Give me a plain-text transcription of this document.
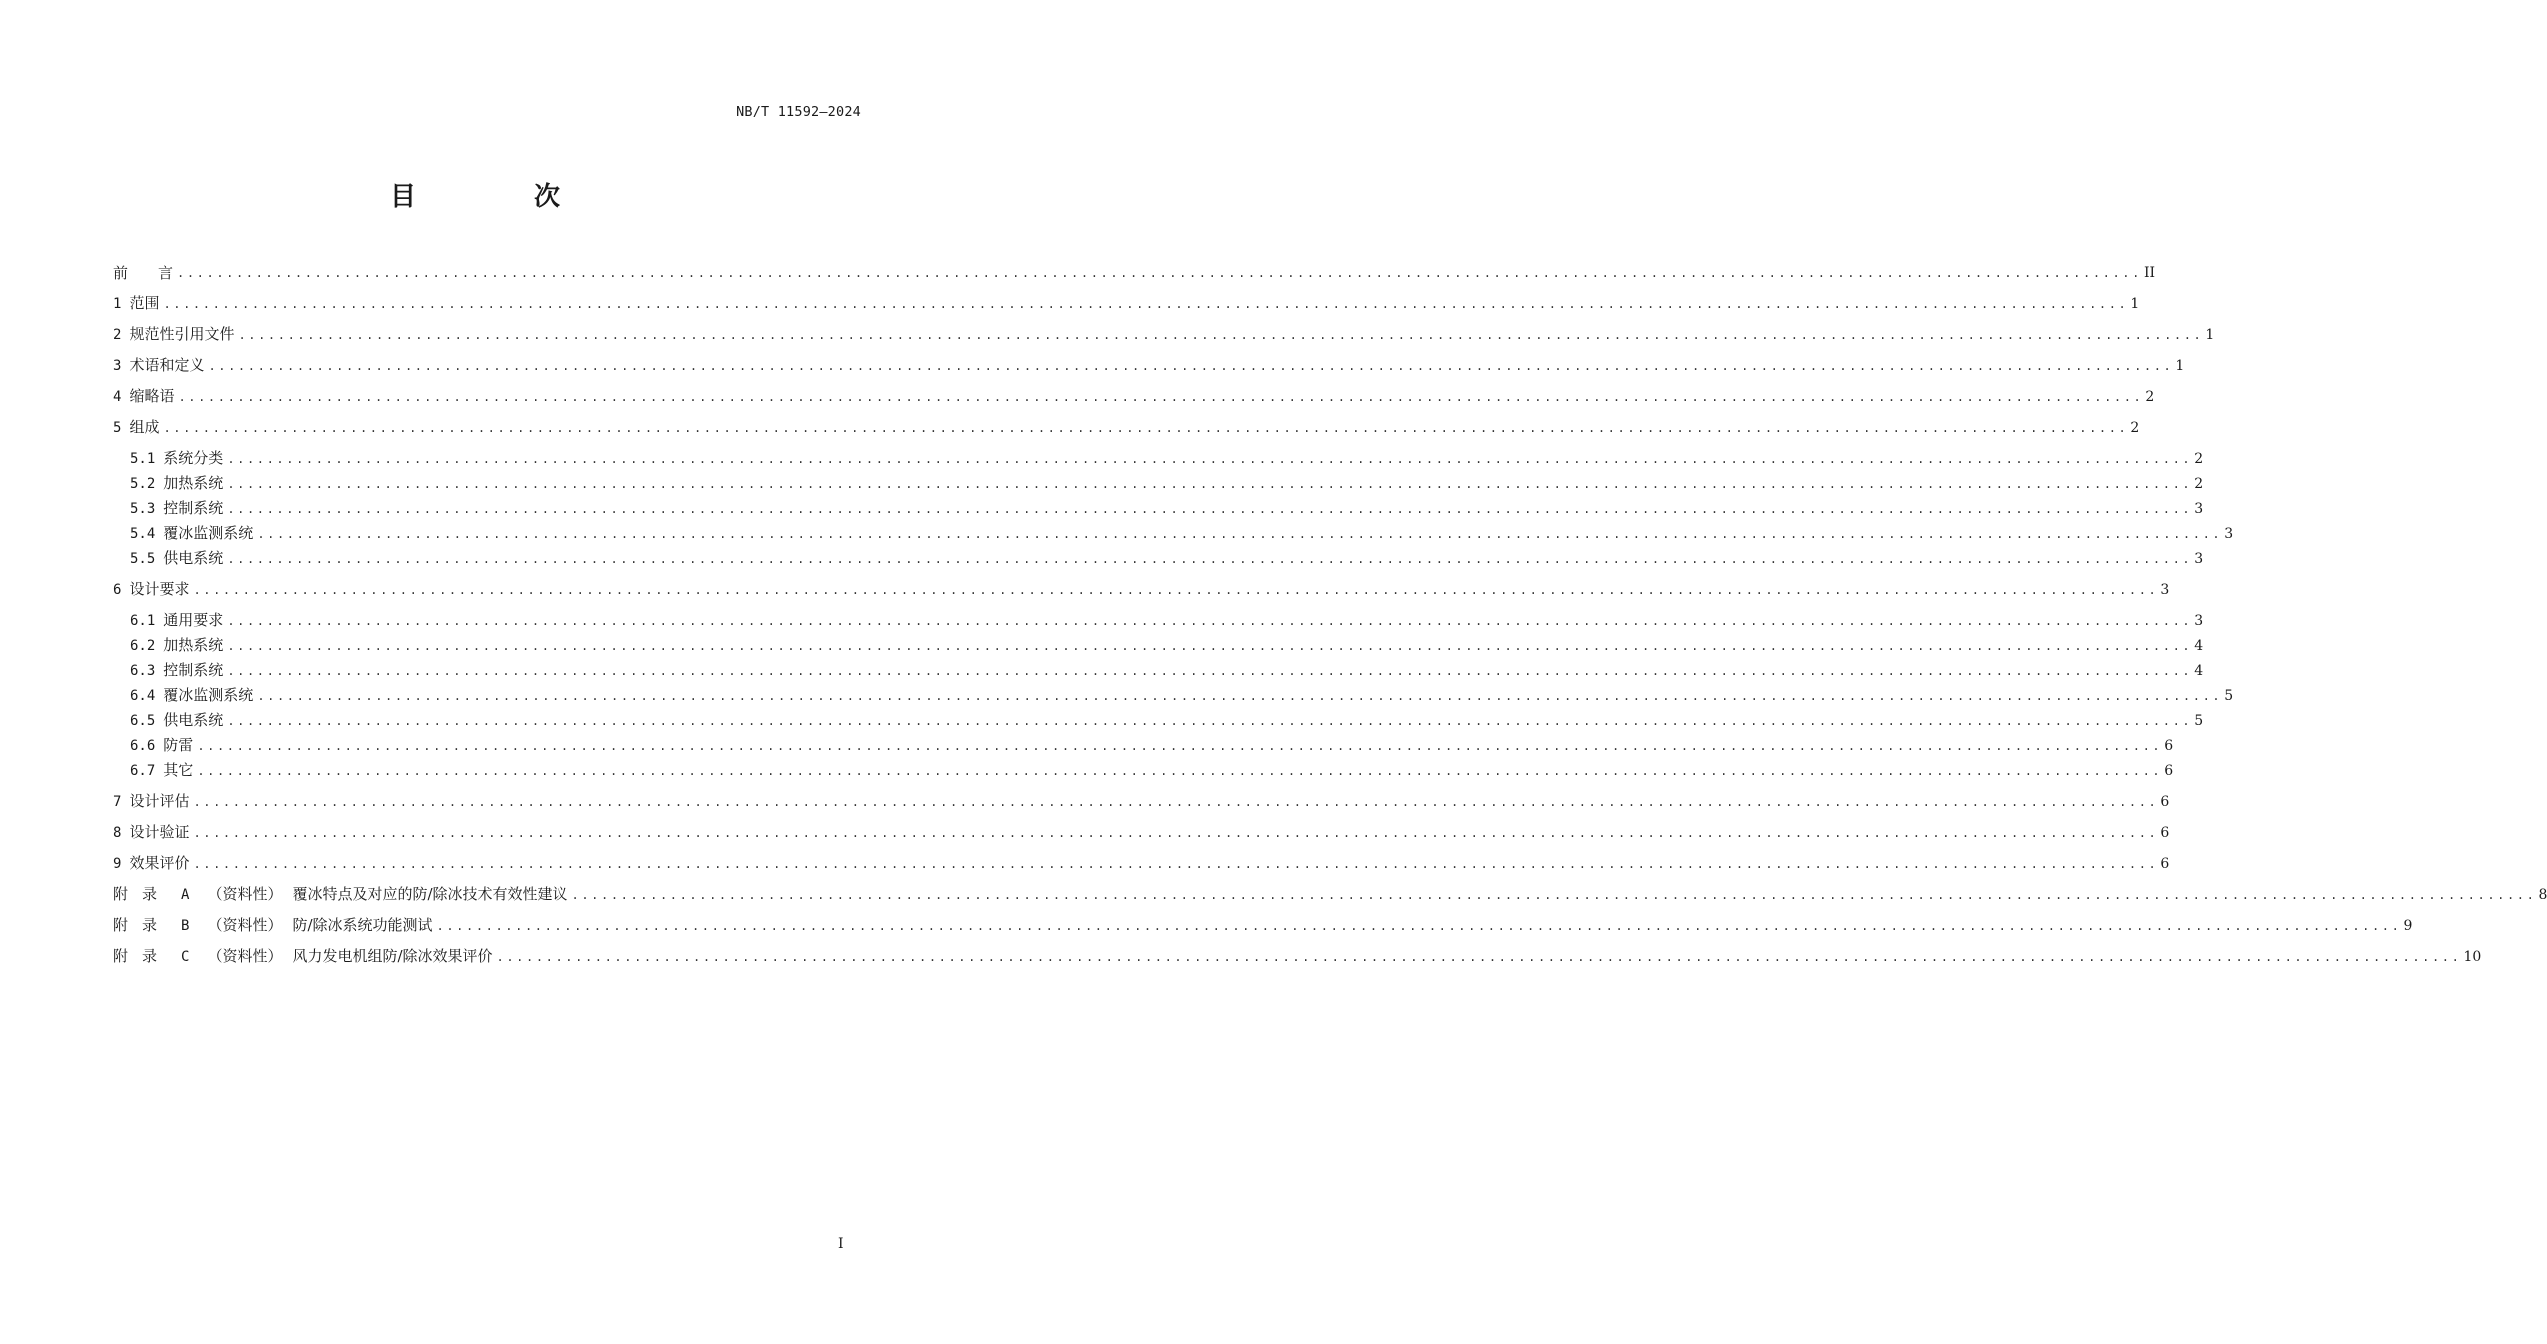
NB/T 11592—2024
目　次
前　　言 ........................................................................................................................................................................................................ II
1 范围 ........................................................................................................................................................................................................ 1
2 规范性引用文件 ........................................................................................................................................................................................................ 1
3 术语和定义 ........................................................................................................................................................................................................ 1
4 缩略语 ........................................................................................................................................................................................................ 2
5 组成 ........................................................................................................................................................................................................ 2
5.1 系统分类 ........................................................................................................................................................................................................ 2
5.2 加热系统 ........................................................................................................................................................................................................ 2
5.3 控制系统 ........................................................................................................................................................................................................ 3
5.4 覆冰监测系统 ........................................................................................................................................................................................................ 3
5.5 供电系统 ........................................................................................................................................................................................................ 3
6 设计要求 ........................................................................................................................................................................................................ 3
6.1 通用要求 ........................................................................................................................................................................................................ 3
6.2 加热系统 ........................................................................................................................................................................................................ 4
6.3 控制系统 ........................................................................................................................................................................................................ 4
6.4 覆冰监测系统 ........................................................................................................................................................................................................ 5
6.5 供电系统 ........................................................................................................................................................................................................ 5
6.6 防雷 ........................................................................................................................................................................................................ 6
6.7 其它 ........................................................................................................................................................................................................ 6
7 设计评估 ........................................................................................................................................................................................................ 6
8 设计验证 ........................................................................................................................................................................................................ 6
9 效果评价 ........................................................................................................................................................................................................ 6
附录 A （资料性） 覆冰特点及对应的防/除冰技术有效性建议 ........................................................................................................................................................................................................ 8
附录 B （资料性） 防/除冰系统功能测试 ........................................................................................................................................................................................................ 9
附录 C （资料性） 风力发电机组防/除冰效果评价 ........................................................................................................................................................................................................ 10
I
